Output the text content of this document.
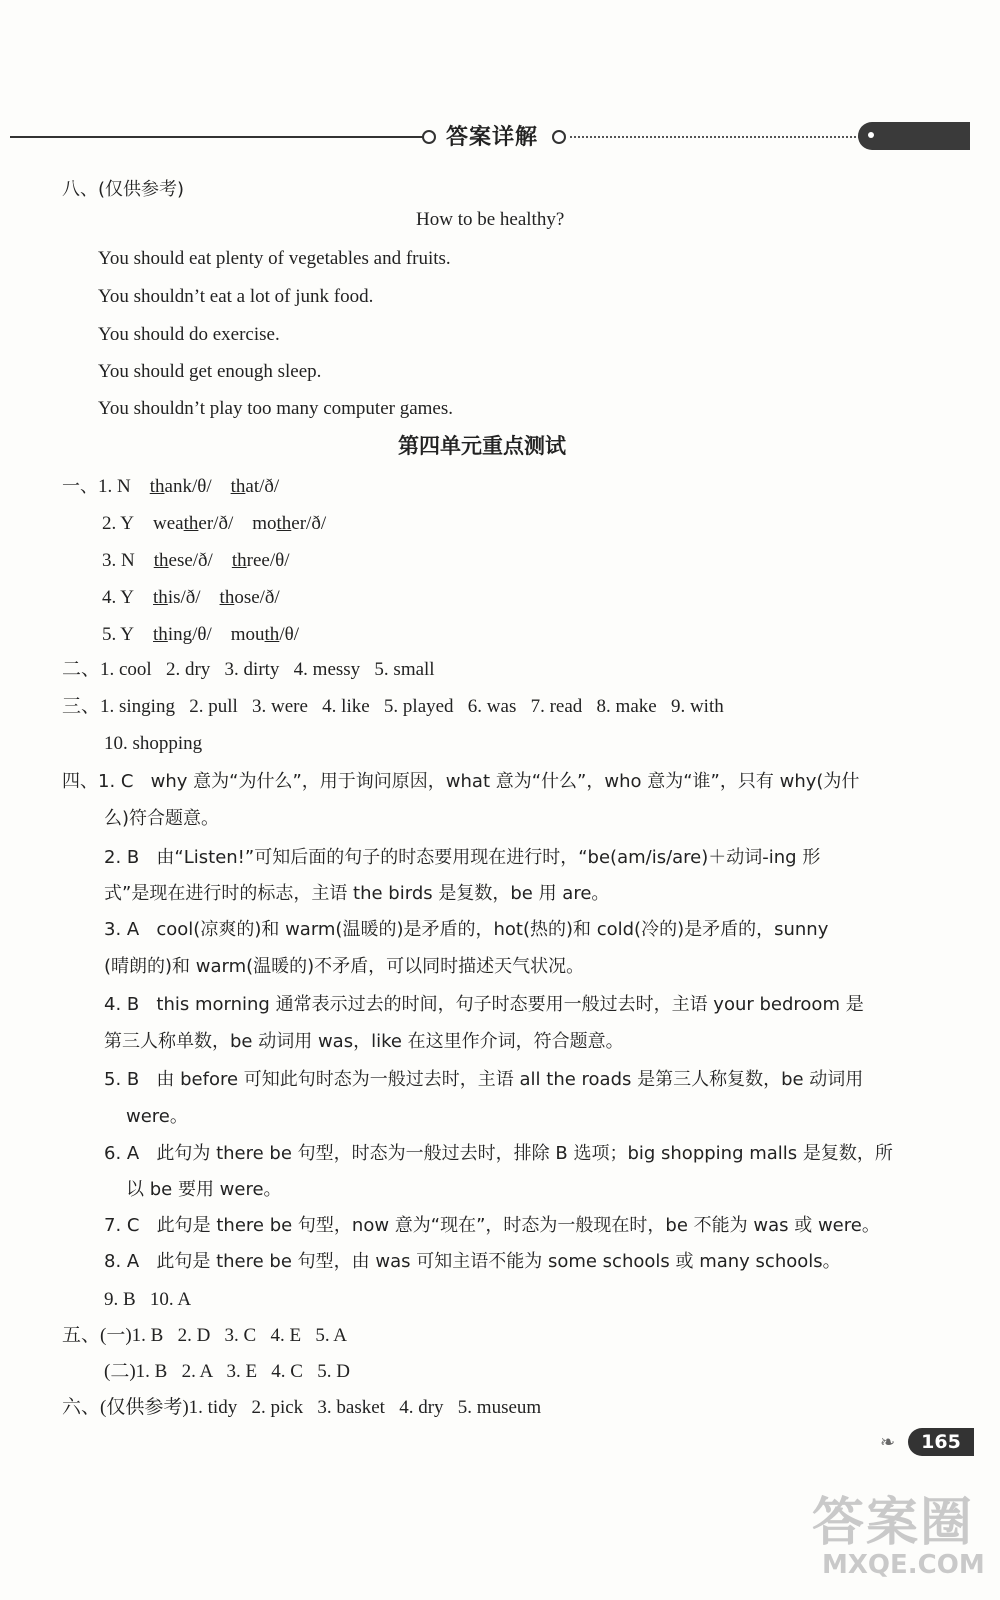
答案详解
八、(仅供参考)
How to be healthy?
You should eat plenty of vegetables and fruits.
You shouldn’t eat a lot of junk food.
You should do exercise.
You should get enough sleep.
You shouldn’t play too many computer games.
第四单元重点测试
一、 1. N thank/θ/ that/ð/
2. Y weather/ð/ mother/ð/
3. N these/ð/ three/θ/
4. Y this/ð/ those/ð/
5. Y thing/θ/ mouth/θ/
二、1. cool   2. dry   3. dirty   4. messy   5. small
三、1. singing   2. pull   3. were   4. like   5. played   6. was   7. read   8. make   9. with
10. shopping
四、1. C   why 意为“为什么”，用于询问原因，what 意为“什么”，who 意为“谁”，只有 why(为什
么)符合题意。
2. B   由“Listen!”可知后面的句子的时态要用现在进行时，“be(am/is/are)＋动词-ing 形
式”是现在进行时的标志，主语 the birds 是复数，be 用 are。
3. A   cool(凉爽的)和 warm(温暖的)是矛盾的，hot(热的)和 cold(冷的)是矛盾的，sunny
(晴朗的)和 warm(温暖的)不矛盾，可以同时描述天气状况。
4. B   this morning 通常表示过去的时间，句子时态要用一般过去时，主语 your bedroom 是
第三人称单数，be 动词用 was，like 在这里作介词，符合题意。
5. B   由 before 可知此句时态为一般过去时，主语 all the roads 是第三人称复数，be 动词用
were。
6. A   此句为 there be 句型，时态为一般过去时，排除 B 选项；big shopping malls 是复数，所
以 be 要用 were。
7. C   此句是 there be 句型，now 意为“现在”，时态为一般现在时，be 不能为 was 或 were。
8. A   此句是 there be 句型，由 was 可知主语不能为 some schools 或 many schools。
9. B   10. A
五、(一)1. B   2. D   3. C   4. E   5. A
(二)1. B   2. A   3. E   4. C   5. D
六、(仅供参考)1. tidy   2. pick   3. basket   4. dry   5. museum
❧	165
答案圈
MXQE.COM
